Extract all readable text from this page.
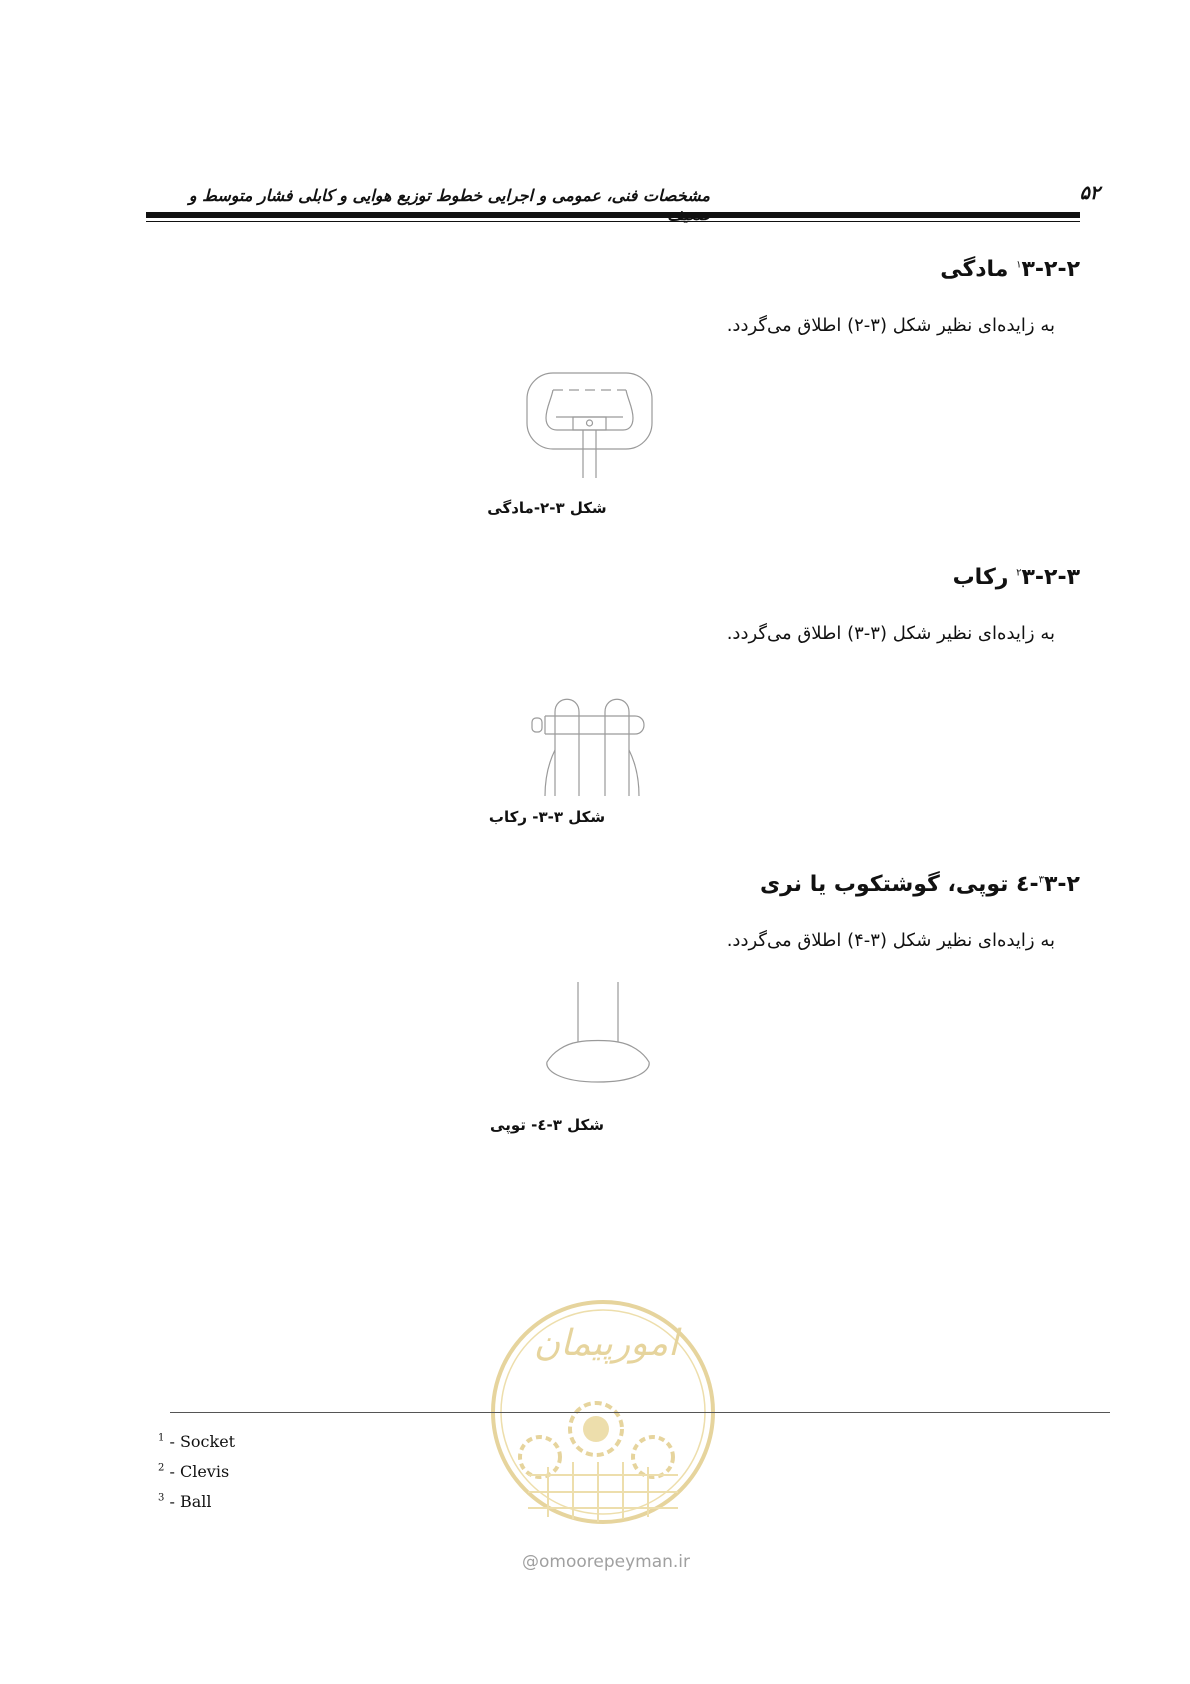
مشخصات فنی، عمومی و اجرایی خطوط توزیع هوایی و کابلی فشار متوسط و	۵۲
$^۱$۳-۲-۲ مادگی
به زایده‌ای نظیر شکل (۳-۲) اطلاق می‌گردد.
شکل ۳-۲-مادگی
$^۲$۳-۲-۳ رکاب
به زایده‌ای نظیر شکل (۳-۳) اطلاق می‌گردد.
شکل ۳-۳- رکاب
$^۳$۳-۲-٤ توپی، گوشتکوب یا نری
به زایده‌ای نظیر شکل (۳-۴) اطلاق می‌گردد.
شکل ۳-٤- توپی
امورپیمان
@omoorepeyman.ir
$^1$ - Socket
$^2$ - Clevis
$^3$ - Ball
